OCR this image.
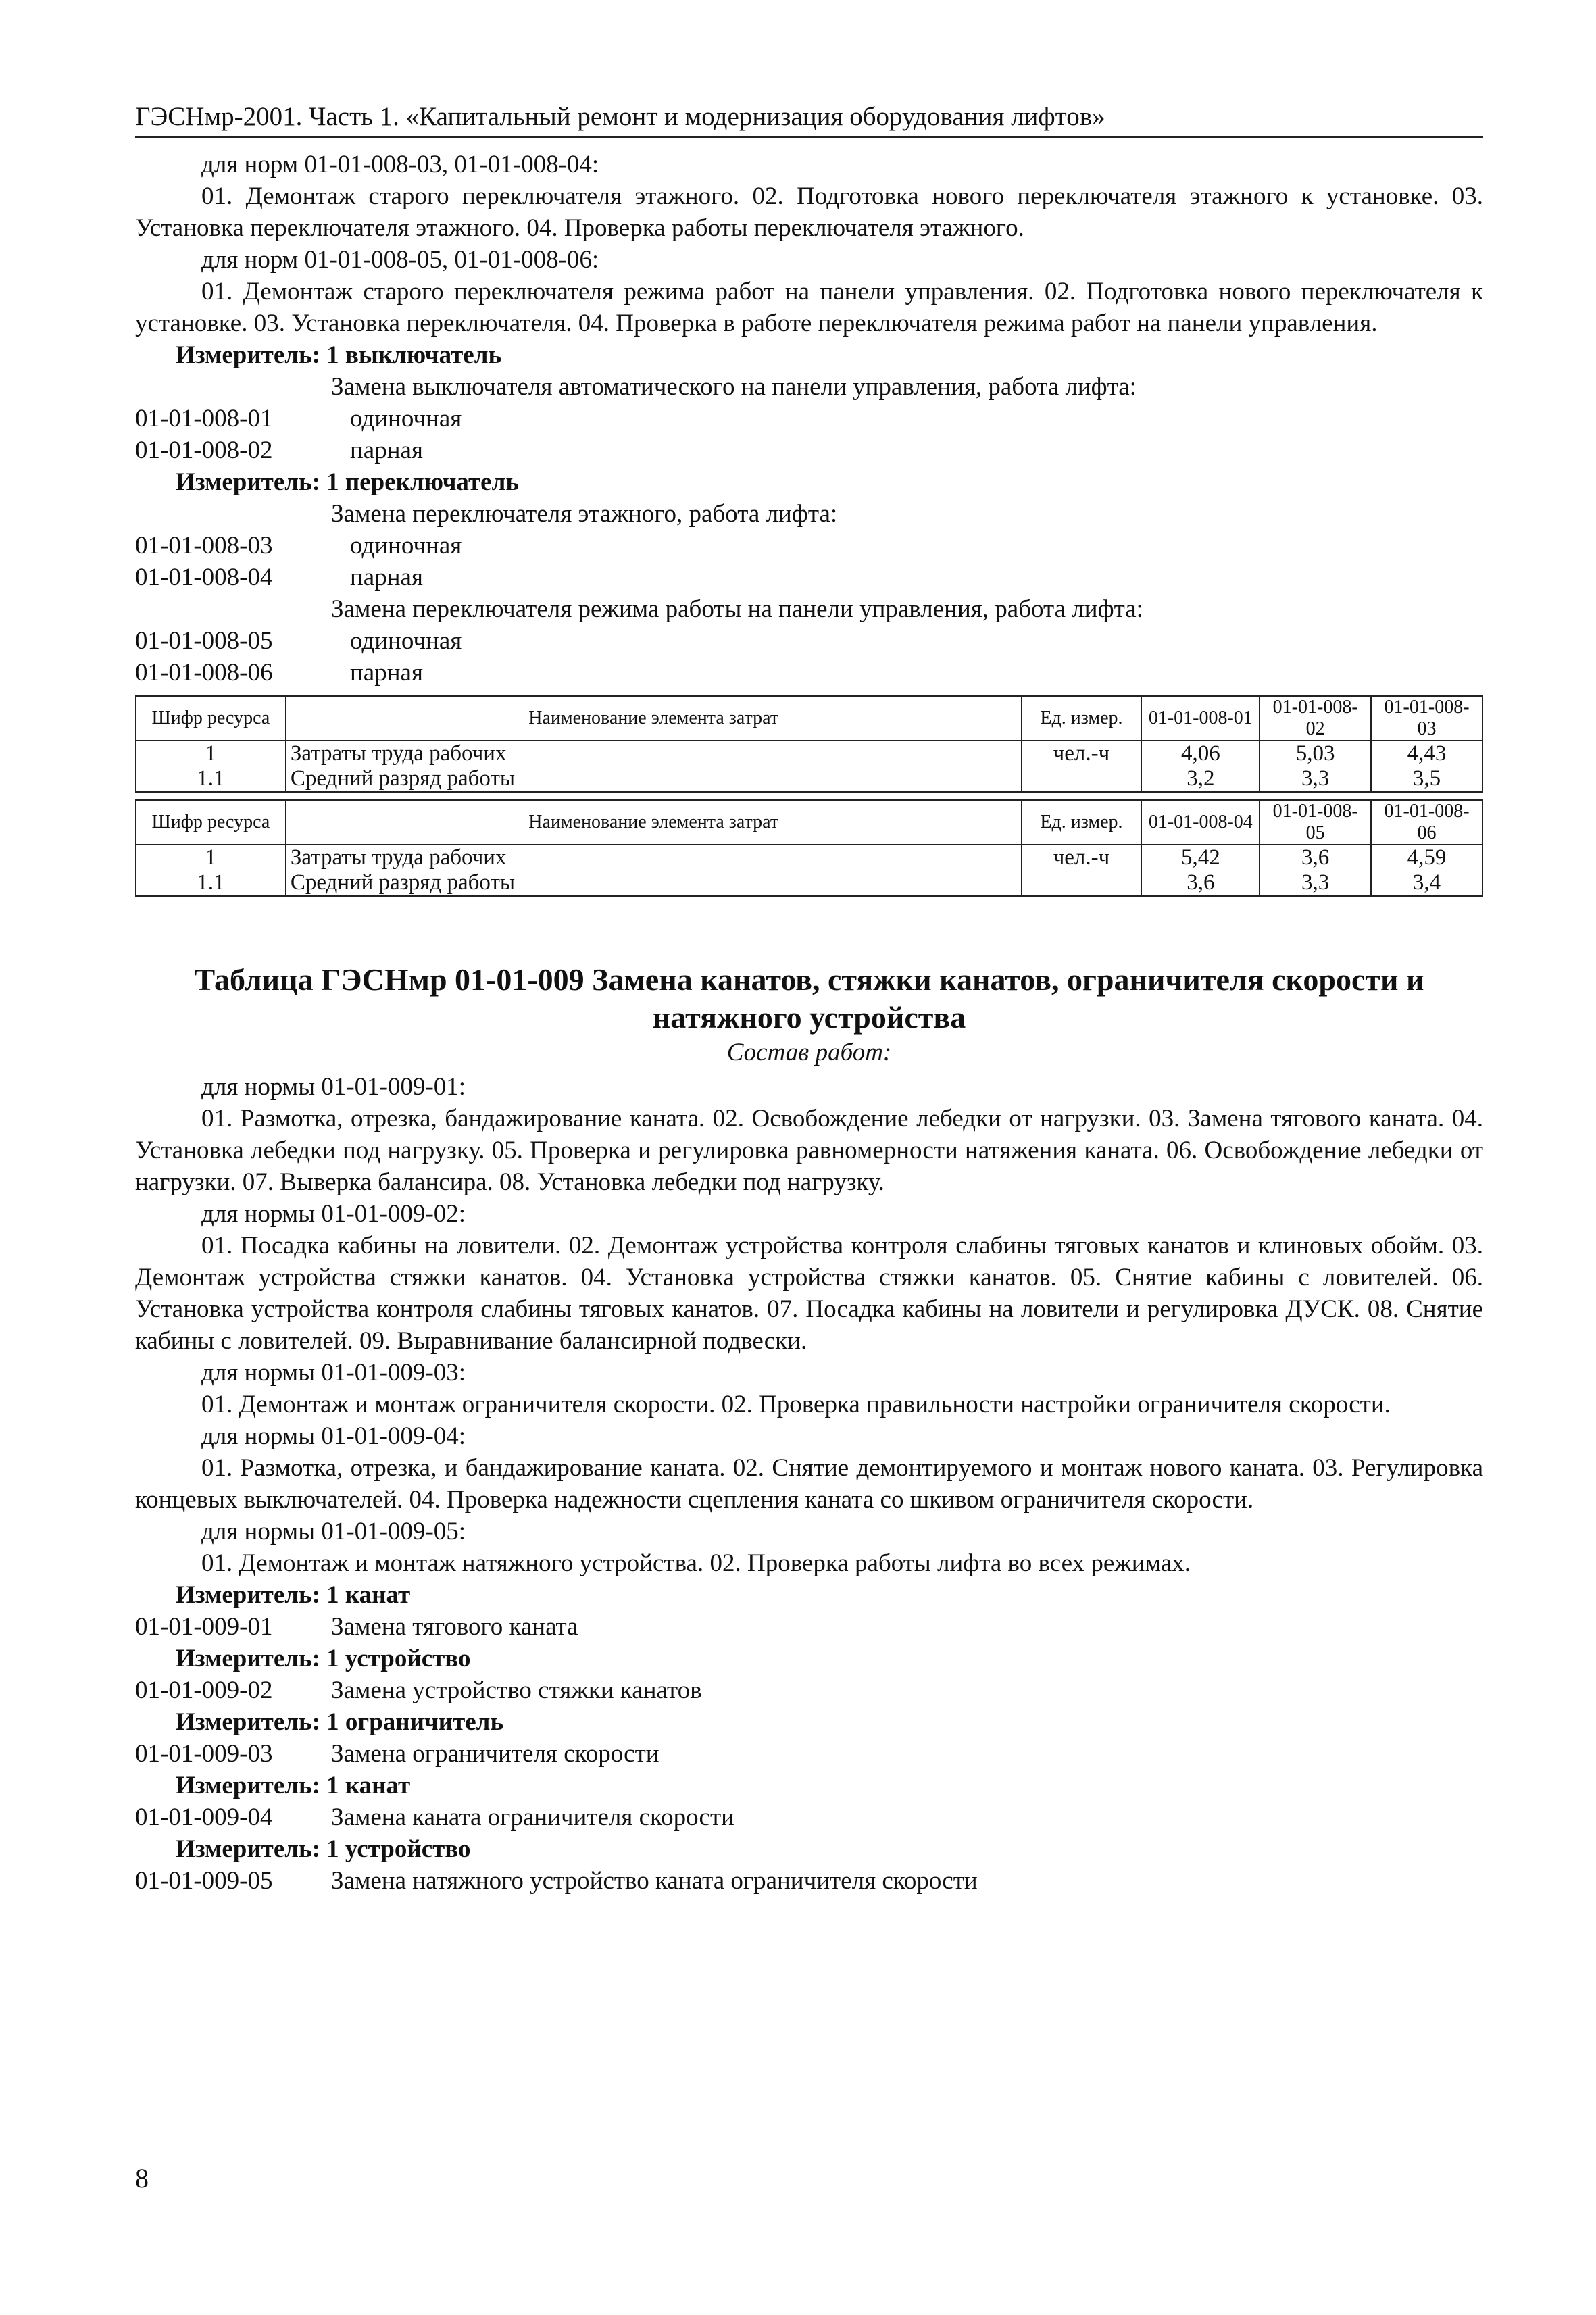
ГЭСНмр-2001. Часть 1. «Капитальный ремонт и модернизация оборудования лифтов»

для норм 01-01-008-03, 01-01-008-04:

01. Демонтаж старого переключателя этажного. 02. Подготовка нового переключателя этажного к установке. 03. Установка переключателя этажного. 04. Проверка работы переключателя этажного.

для норм 01-01-008-05, 01-01-008-06:

01. Демонтаж старого переключателя режима работ на панели управления. 02. Подготовка нового переключателя к установке. 03. Установка переключателя. 04. Проверка в работе переключателя режима работ на панели управления.

Измеритель: 1 выключатель

Замена выключателя автоматического на панели управления, работа лифта:

01-01-008-01	одиночная
01-01-008-02	парная

Измеритель: 1 переключатель

Замена переключателя этажного, работа лифта:

01-01-008-03	одиночная
01-01-008-04	парная

Замена переключателя режима работы на панели управления, работа лифта:

01-01-008-05	одиночная
01-01-008-06	парная
Шифр ресурса	Наименование элемента затрат	Ед. измер.	01-01-008-01	01-01-008-02	01-01-008-03
1	Затраты труда рабочих	чел.-ч	4,06	5,03	4,43
1.1	Средний разряд работы		3,2	3,3	3,5
Шифр ресурса	Наименование элемента затрат	Ед. измер.	01-01-008-04	01-01-008-05	01-01-008-06
1	Затраты труда рабочих	чел.-ч	5,42	3,6	4,59
1.1	Средний разряд работы		3,6	3,3	3,4
Таблица ГЭСНмр 01-01-009 Замена канатов, стяжки канатов, ограничителя скорости и натяжного устройства
Состав работ:

для нормы 01-01-009-01:

01. Размотка, отрезка, бандажирование каната. 02. Освобождение лебедки от нагрузки. 03. Замена тягового каната. 04. Установка лебедки под нагрузку. 05. Проверка и регулировка равномерности натяжения каната. 06. Освобождение лебедки от нагрузки. 07. Выверка балансира. 08. Установка лебедки под нагрузку.

для нормы 01-01-009-02:

01. Посадка кабины на ловители. 02. Демонтаж устройства контроля слабины тяговых канатов и клиновых обойм. 03. Демонтаж устройства стяжки канатов. 04. Установка устройства стяжки канатов. 05. Снятие кабины с ловителей. 06. Установка устройства контроля слабины тяговых канатов. 07. Посадка кабины на ловители и регулировка ДУСК. 08. Снятие кабины с ловителей. 09. Выравнивание балансирной подвески.

для нормы 01-01-009-03:

01. Демонтаж и монтаж ограничителя скорости. 02. Проверка правильности настройки ограничителя скорости.

для нормы 01-01-009-04:

01. Размотка, отрезка, и бандажирование каната. 02. Снятие демонтируемого и монтаж нового каната. 03. Регулировка концевых выключателей. 04. Проверка надежности сцепления каната со шкивом ограничителя скорости.

для нормы 01-01-009-05:

01. Демонтаж и монтаж натяжного устройства. 02. Проверка работы лифта во всех режимах.

Измеритель: 1 канат

01-01-009-01	Замена тягового каната

Измеритель: 1 устройство

01-01-009-02	Замена устройство стяжки канатов

Измеритель: 1 ограничитель

01-01-009-03	Замена ограничителя скорости

Измеритель: 1 канат

01-01-009-04	Замена каната ограничителя скорости

Измеритель: 1 устройство

01-01-009-05	Замена натяжного устройство каната ограничителя скорости
8
